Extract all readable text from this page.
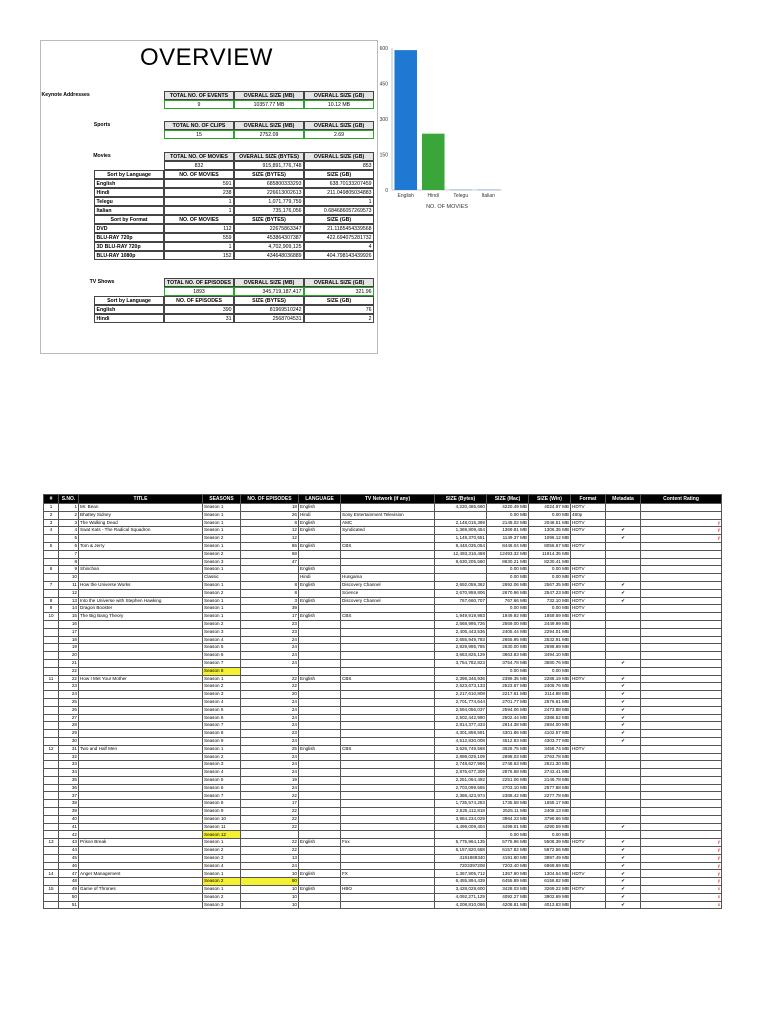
OVERVIEW
Keynote Addresses	TOTAL NO. OF EVENTS	OVERALL SIZE (MB)	OVERALL SIZE (GB)
9	10357.77 MB	10.12 MB
Sports	TOTAL NO. OF CLIPS	OVERALL SIZE (MB)	OVERALL SIZE (GB)
15	2752.09	2.69
Movies	TOTAL NO. OF MOVIES	OVERALL SIZE (BYTES)	OVERALL SIZE (GB)
832	915,891,776,748	853
Sort by Language	NO. OF MOVIES	SIZE (BYTES)	SIZE (GB)
English	591	685800333293	638.70133207459
Hindi	238	226613002613	211.049805034883
Telegu	1	1,071,779,759	1
Italian	1	735,176,056	0.684686057269573
Sort by Format	NO. OF MOVIES	SIZE (BYTES)	SIZE (GB)
DVD	112	22675863347	21.1185454339568
BLU-RAY 720p	559	453864307387	422.694075281732
3D BLU-RAY 720p	1	4,702,909,125	4
BLU-RAY 1080p	152	434648036889	404.798143439926
TV Shows	TOTAL NO. OF EPISODES	OVERALL SIZE (MB)	OVERALL SIZE (GB)
1893	345,719,187,417	321.96
Sort by Language	NO. OF EPISODES	SIZE (BYTES)	SIZE (GB)
English	390	81969510242	76
Hindi	31	2568704531	2
0
150
300
450
600
English	Hindi	Telegu	Italian
NO. OF MOVIES
#	S.NO.	TITLE	SEASONS	NO. OF EPISODES	LANGUAGE	TV Network (if any)	SIZE (Bytes)	SIZE (Mac)	SIZE (Win)	Format	Metadata	Content Rating
1	1	Mr. Bean	Season 1	18	English		4,220,485,660	4220.49 MB	4024.97 MB	HDTV		
2	2	Bhattey Sidney	Season 1	26	Hindi	Sony Entertainment Television		0.00 MB	0.00 MB	480p		
3	3	The Walking Dead	Season 1	6	English	AMC	2,148,015,369	2148.02 MB	2048.51 MB	HDTV		y
4	4	Swat Kats - The Radical Squadron	Season 1	12	English	Syndicated	1,369,809,454	1369.81 MB	1306.35 MB	HDTV	✔	y
	5		Season 2	12			1,149,370,551	1149.37 MB	1096.12 MB		✔	y
5	6	Tom & Jerry	Season 1	86	English	CBS	8,448,035,054	8448.04 MB	8056.67 MB	HDTV		
	7		Season 2	68			12,493,316,488	12493.32 MB	11914.35 MB			
	8		Season 3	47			8,630,205,560	8630.21 MB	8230.41 MB			
6	9	Shinchan	Season 1		English			0.00 MB	0.00 MB	HDTV		
	10		Classic		Hindi	Hungama		0.00 MB	0.00 MB	HDTV		
7	11	How the Universe Works	Season 1	8	English	Discovery Channel	2,692,059,362	2692.06 MB	2567.35 MB	HDTV	✔	
	12		Season 2	8		Science	2,670,959,806	2670.96 MB	2547.23 MB	HDTV	✔	
8	13	Into the Universe with Stephen Hawking	Season 1	3	English	Discovery Channel	767,660,707	767.66 MB	732.10 MB	HDTV	✔	
9	14	Dragon Booster	Season 1	39				0.00 MB	0.00 MB	HDTV		
10	15	The Big Bang Theory	Season 1	17	English	CBS	1,949,919,983	1949.92 MB	1859.59 MB	HDTV		
	16		Season 2	23			2,568,995,726	2569.00 MB	2449.99 MB			
	17		Season 3	23			2,405,443,536	2405.44 MB	2294.01 MB			
	18		Season 4	24			2,655,949,783	2655.95 MB	2532.91 MB			
	19		Season 5	24			2,829,995,785	2830.00 MB	2698.89 MB			
	20		Season 6	24			3,663,825,129	3663.83 MB	3494.10 MB			
	21		Season 7	24			3,754,782,823	3754.78 MB	3580.76 MB		✔	
	22		Season 8					0.00 MB	0.00 MB			
11	22	How I Met Your Mother	Season 1	22	English	CBS	2,399,346,936	2399.35 MB	2288.19 MB	HDTV	✔	
	23		Season 2	22			2,523,673,133	2523.67 MB	2406.76 MB		✔	
	24		Season 3	20			2,217,610,808	2217.61 MB	2114.88 MB		✔	
	25		Season 4	24			2,701,774,644	2701.77 MB	2576.61 MB		✔	
	26		Season 5	24			2,594,056,037	2594.06 MB	2473.88 MB		✔	
	27		Season 6	24			2,502,442,990	2502.44 MB	2386.52 MB		✔	
	28		Season 7	24			2,814,377,433	2814.38 MB	2684.00 MB		✔	
	29		Season 8	23			4,301,859,591	4301.86 MB	4102.57 MB		✔	
	30		Season 9	24			4,512,830,008	4512.83 MB	4303.77 MB		✔	
12	31	Two and Half Men	Season 1	25	English	CBS	3,626,749,568	3626.75 MB	3458.74 MB	HDTV		
	32		Season 2	24			2,898,029,109	2898.03 MB	2763.78 MB			
	33		Season 3	24			2,748,627,966	2748.63 MB	2621.30 MB			
	34		Season 4	24			2,876,677,309	2876.68 MB	2743.41 MB			
	35		Season 5	19			2,251,064,492	2251.06 MB	2146.78 MB			
	36		Season 6	24			2,703,099,565	2703.10 MB	2577.88 MB			
	37		Season 7	22			2,388,423,974	2388.42 MB	2277.78 MB			
	38		Season 8	17			1,735,574,283	1735.58 MB	1655.17 MB			
	39		Season 9	22			2,525,112,818	2525.11 MB	2408.13 MB			
	40		Season 10	22			3,984,234,029	3984.23 MB	3799.66 MB			
	41		Season 11	22			4,499,009,404	4499.01 MB	4290.59 MB		✔	
	42		Season 12					0.00 MB	0.00 MB			
13	43	Prison Break	Season 1	22	English	Fox	5,775,964,135	5775.96 MB	5508.39 MB	HDTV	✔	y
	44		Season 2	22			6,157,820,588	6157.82 MB	5872.56 MB		✔	y
	45		Season 3	13			4191869340	4191.80 MB	3997.49 MB		✔	y
	46		Season 4	24			7203397208	7203.40 MB	6869.69 MB		✔	y
14	47	Anger Management	Season 1	10	English	FX	1,367,905,712	1367.90 MB	1304.54 MB	HDTV	✔	y
	48		Season 2	90			6,455,894,439	6455.89 MB	6156.82 MB		✔	y
15	49	Game of Thrones	Season 1	10	English	HBO	3,428,028,600	3428.03 MB	3269.22 MB	HDTV	✔	x
	50		Season 2	10			4,092,271,129	4092.27 MB	3902.69 MB		✔	x
	51		Season 3	10			4,208,810,066	4208.81 MB	4013.83 MB		✔	x
